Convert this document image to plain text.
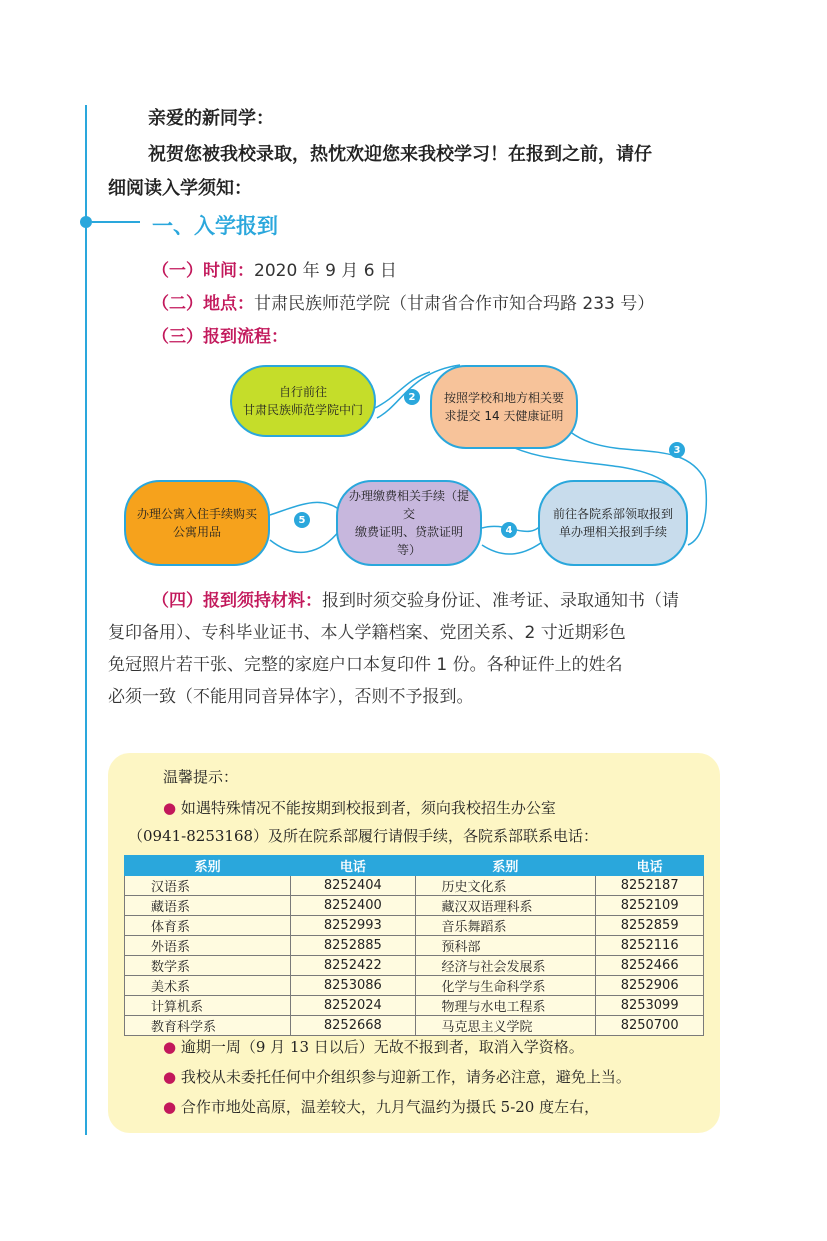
亲爱的新同学：
祝贺您被我校录取，热忱欢迎您来我校学习！在报到之前，请仔
细阅读入学须知：
一、入学报到
（一）时间：2020 年 9 月 6 日
（二）地点：甘肃民族师范学院（甘肃省合作市知合玛路 233 号）
（三）报到流程：
自行前往
甘肃民族师范学院中门
2	按照学校和地方相关要
求提交 14 天健康证明
3
前往各院系部领取报到
单办理相关报到手续
4
办理缴费相关手续（提交
缴费证明、贷款证明等）
5
办理公寓入住手续购买
公寓用品
（四）报到须持材料：报到时须交验身份证、准考证、录取通知书（请
复印备用）、专科毕业证书、本人学籍档案、党团关系、2 寸近期彩色
免冠照片若干张、完整的家庭户口本复印件 1 份。各种证件上的姓名
必须一致（不能用同音异体字），否则不予报到。
温馨提示：
● 如遇特殊情况不能按期到校报到者，须向我校招生办公室
（0941-8253168）及所在院系部履行请假手续，各院系部联系电话：
系别	电话	系别	电话
汉语系	8252404	历史文化系	8252187
藏语系	8252400	藏汉双语理科系	8252109
体育系	8252993	音乐舞蹈系	8252859
外语系	8252885	预科部	8252116
数学系	8252422	经济与社会发展系	8252466
美术系	8253086	化学与生命科学系	8252906
计算机系	8252024	物理与水电工程系	8253099
教育科学系	8252668	马克思主义学院	8250700
● 逾期一周（9 月 13 日以后）无故不报到者，取消入学资格。
● 我校从未委托任何中介组织参与迎新工作，请务必注意，避免上当。
● 合作市地处高原，温差较大，九月气温约为摄氏 5-20 度左右，
